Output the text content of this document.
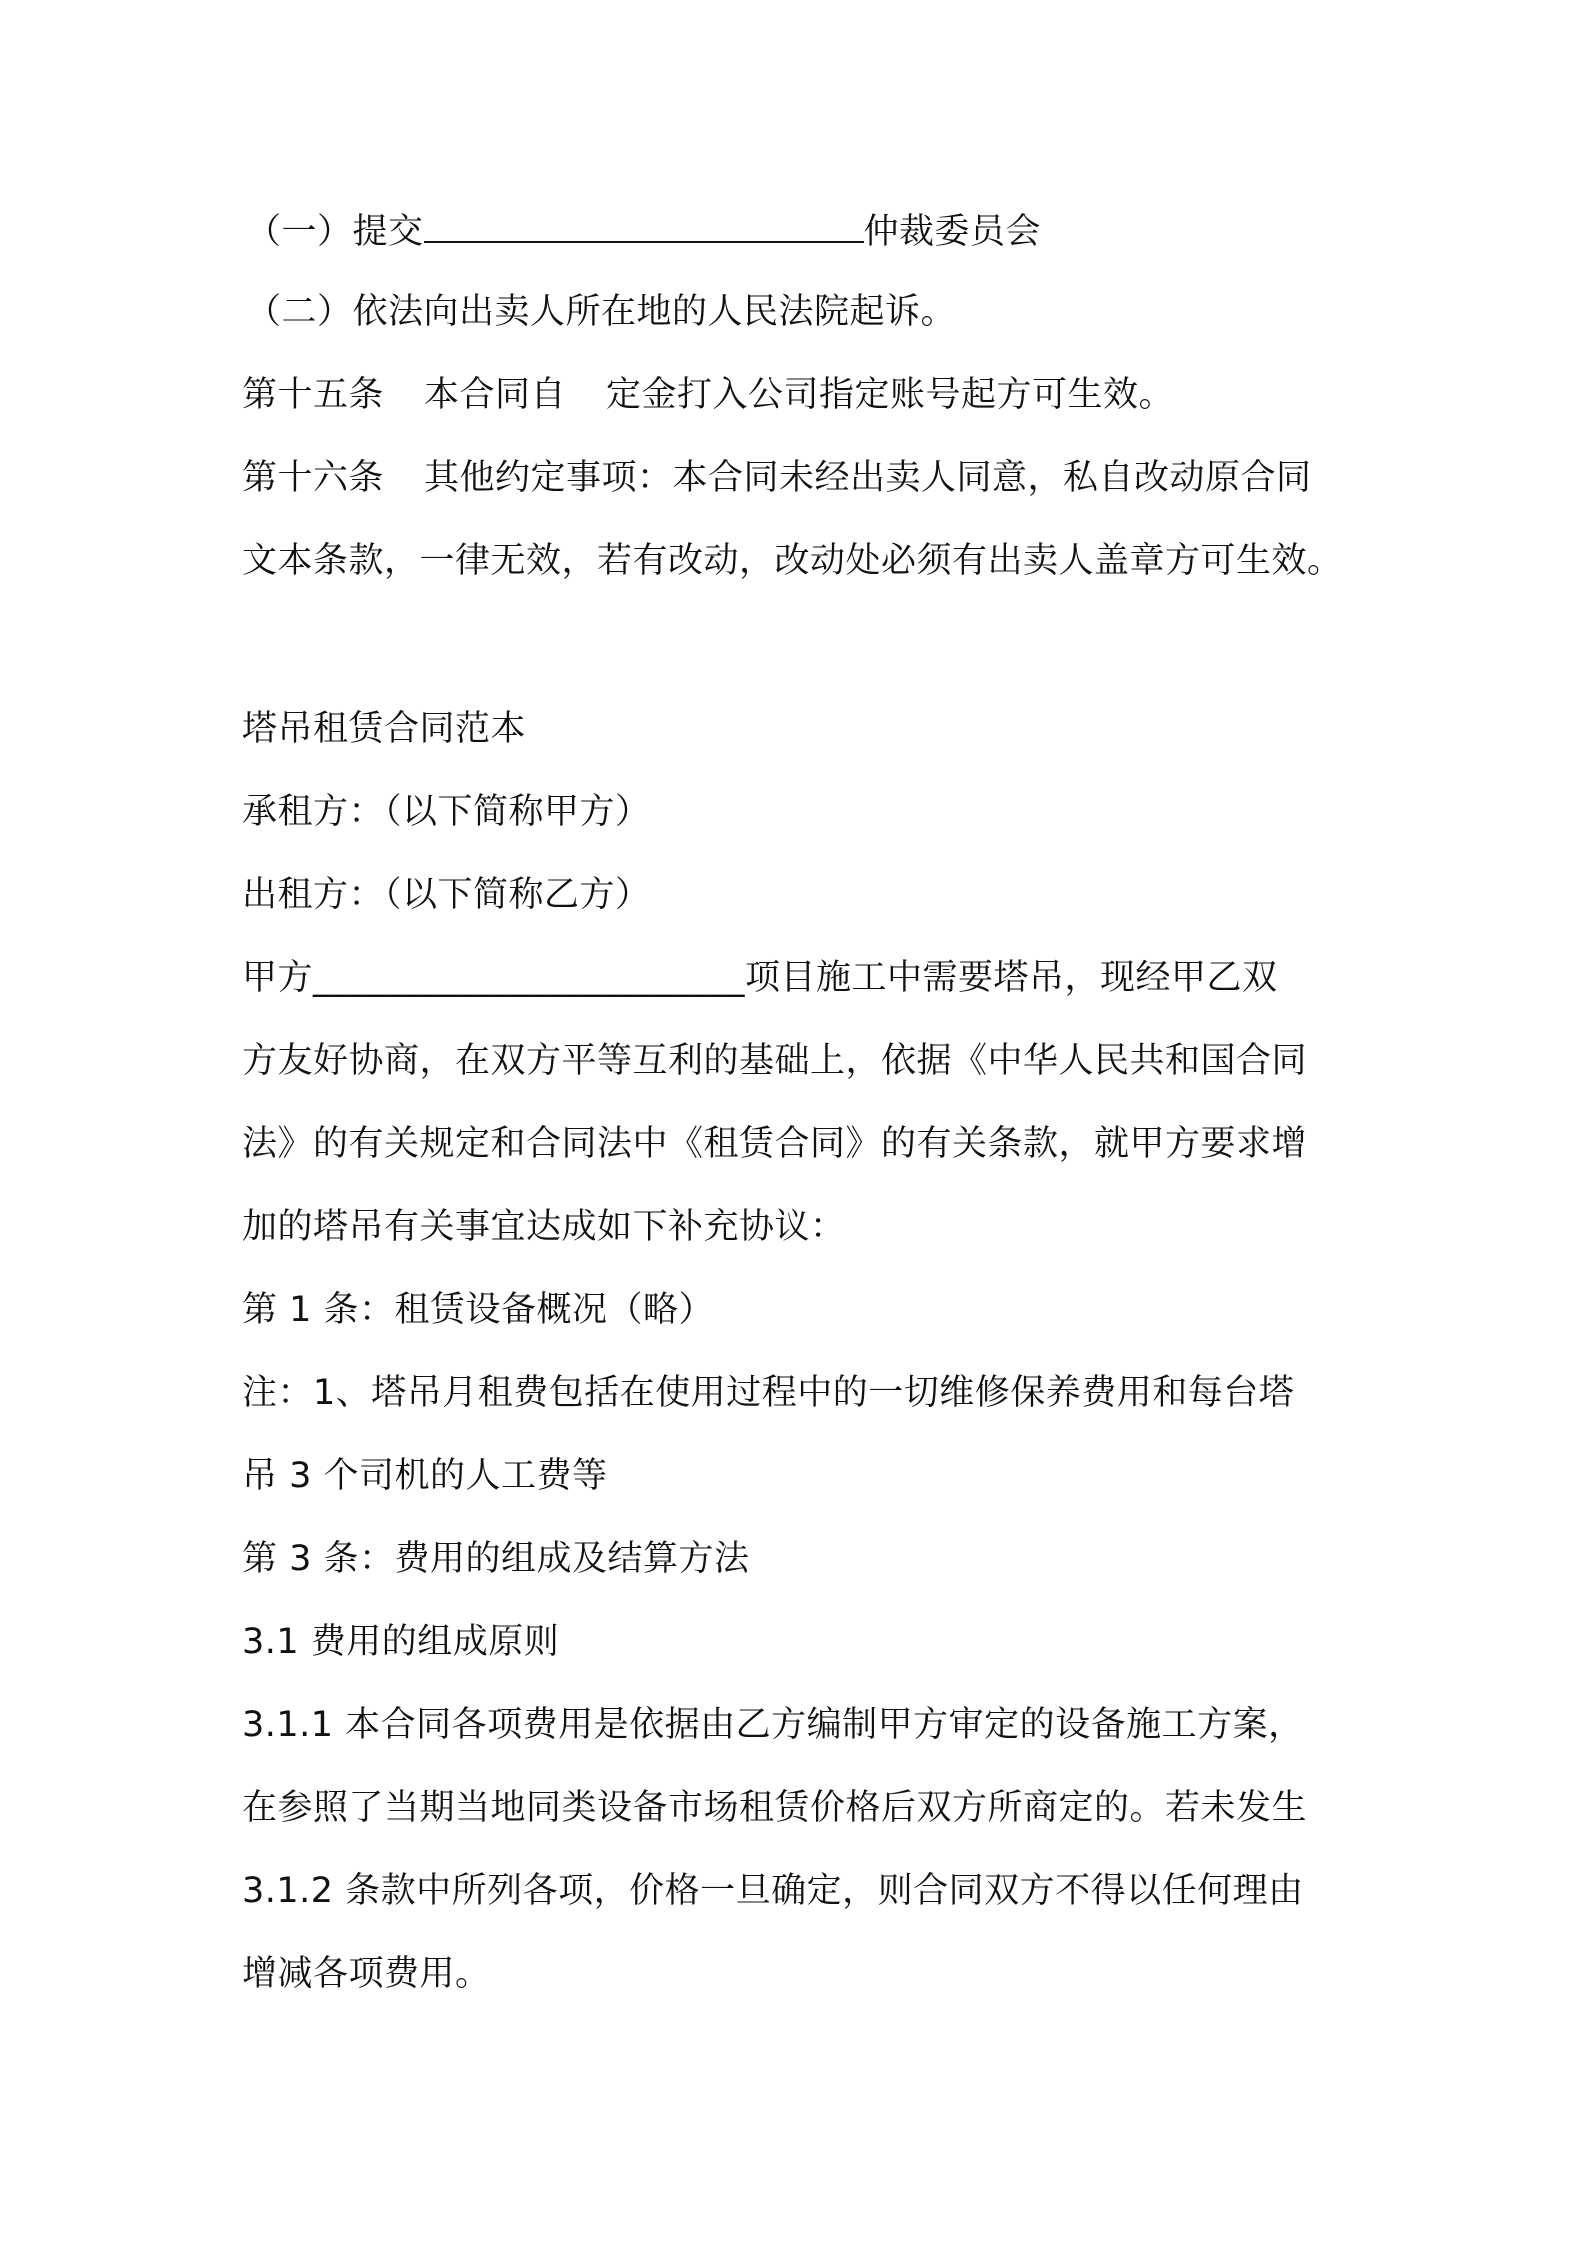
（一）提交	仲裁委员会
（二）依法向出卖人所在地的人民法院起诉。
第十五条 本合同自 定金打入公司指定账号起方可生效。
第十六条 其他约定事项：本合同未经出卖人同意，私自改动原合同
文本条款，一律无效，若有改动，改动处必须有出卖人盖章方可生效。
塔吊租赁合同范本
承租方：（以下简称甲方）
出租方：（以下简称乙方）
甲方________________________项目施工中需要塔吊，现经甲乙双
方友好协商，在双方平等互利的基础上，依据《中华人民共和国合同
法》的有关规定和合同法中《租赁合同》的有关条款，就甲方要求增
加的塔吊有关事宜达成如下补充协议：
第 1 条：租赁设备概况（略）
注：1、塔吊月租费包括在使用过程中的一切维修保养费用和每台塔
吊 3 个司机的人工费等
第 3 条：费用的组成及结算方法
3.1 费用的组成原则
3.1.1 本合同各项费用是依据由乙方编制甲方审定的设备施工方案，
在参照了当期当地同类设备市场租赁价格后双方所商定的。若未发生
3.1.2 条款中所列各项，价格一旦确定，则合同双方不得以任何理由
增减各项费用。
